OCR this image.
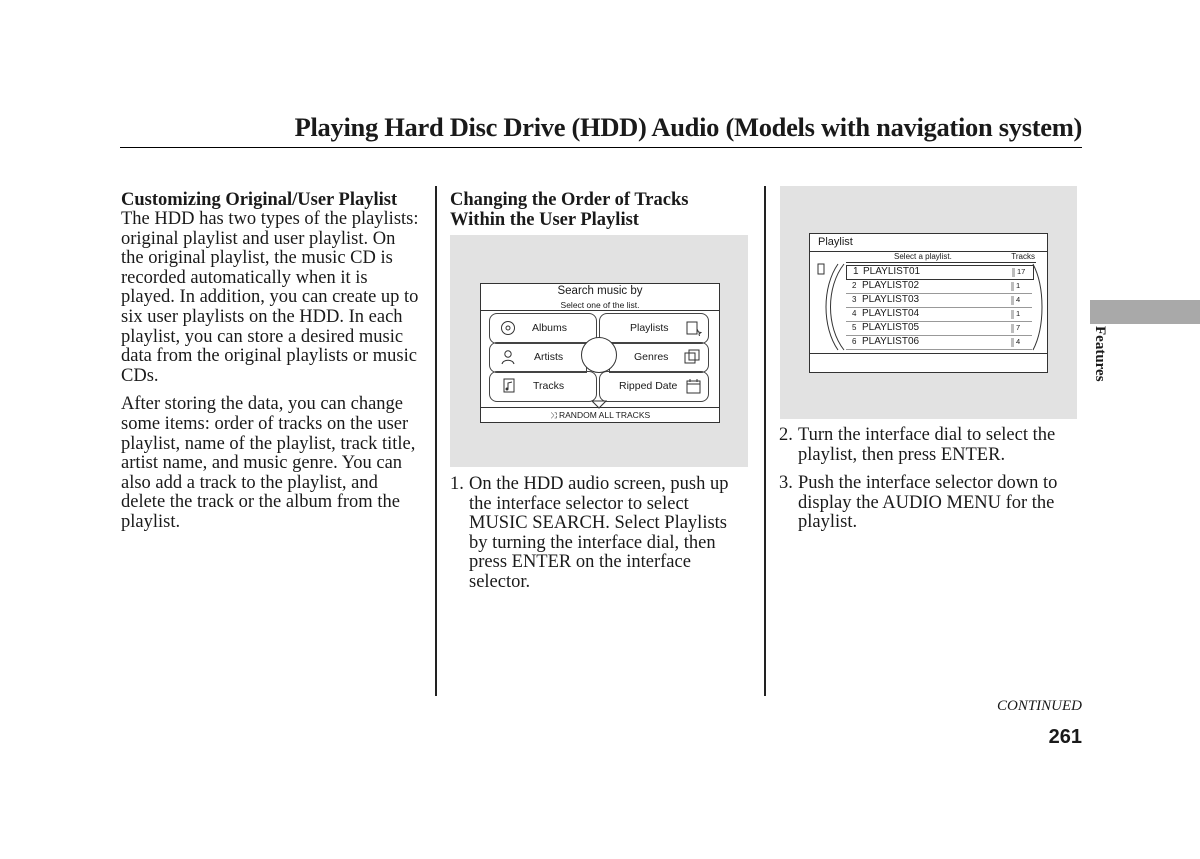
Playing Hard Disc Drive (HDD) Audio (Models with navigation system)
Customizing Original/User Playlist

The HDD has two types of the playlists: original playlist and user playlist. On the original playlist, the music CD is recorded automatically when it is played. In addition, you can create up to six user playlists on the HDD. In each playlist, you can store a desired music data from the original playlists or music CDs.

After storing the data, you can change some items: order of tracks on the user playlist, name of the playlist, track title, artist name, and music genre. You can also add a track to the playlist, and delete the track or the album from the playlist.

Changing the Order of Tracks Within the User Playlist
Search music by
Select one of the list.
Albums
Artists
Tracks
Playlists
Genres
Ripped Date
⤨ RANDOM ALL TRACKS
1. On the HDD audio screen, push up the interface selector to select MUSIC SEARCH. Select Playlists by turning the interface dial, then press ENTER on the interface selector.
Playlist
Select a playlist.	Tracks
1 PLAYLIST01	17
2 PLAYLIST02	1
3 PLAYLIST03	4
4 PLAYLIST04	1
5 PLAYLIST05	7
6 PLAYLIST06	4
2. Turn the interface dial to select the playlist, then press ENTER.
3. Push the interface selector down to display the AUDIO MENU for the playlist.
Features
CONTINUED
261
